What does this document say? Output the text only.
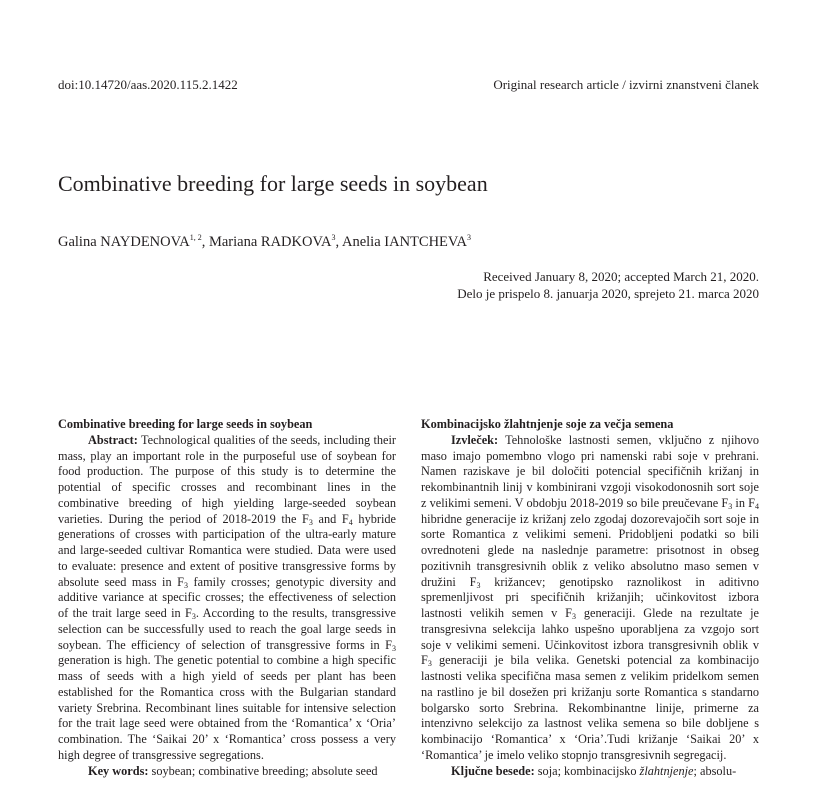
doi:10.14720/aas.2020.115.2.1422	Original research article / izvirni znanstveni članek
Combinative breeding for large seeds in soybean
Galina NAYDENOVA$^{1, 2}$, Mariana RADKOVA$^3$, Anelia IANTCHEVA$^3$
Received January 8, 2020; accepted March 21, 2020.
Delo je prispelo 8. januarja 2020, sprejeto 21. marca 2020

Combinative breeding for large seeds in soybean

Abstract: Technological qualities of the seeds, including their mass, play an important role in the purposeful use of soybean for food production. The purpose of this study is to determine the potential of specific crosses and recombinant lines in the combinative breeding of high yielding large-seeded soybean varieties. During the period of 2018-2019 the $F_3$ and $F_4$ hybride generations of crosses with participation of the ultra-early mature and large-seeded cultivar Romantica were studied. Data were used to evaluate: presence and extent of positive transgressive forms by absolute seed mass in $F_3$ family crosses; genotypic diversity and additive variance at specific crosses; the effectiveness of selection of the trait large seed in $F_3$. According to the results, transgressive selection can be successfully used to reach the goal large seeds in soybean. The efficiency of selection of transgressive forms in $F_3$ generation is high. The genetic potential to combine a high specific mass of seeds with a high yield of seeds per plant has been established for the Romantica cross with the Bulgarian standard variety Srebrina. Recombinant lines suitable for intensive selection for the trait lage seed were obtained from the ‘Romantica’ x ‘Oria’ combination. The ‘Saikai 20’ x ‘Romantica’ cross possess a very high degree of transgressive segregations.

Key words: soybean; combinative breeding; absolute seed

Kombinacijsko žlahtnjenje soje za večja semena

Izvleček: Tehnološke lastnosti semen, vključno z njihovo maso imajo pomembno vlogo pri namenski rabi soje v prehrani. Namen raziskave je bil določiti potencial specifičnih križanj in rekombinantnih linij v kombinirani vzgoji visokodonosnih sort soje z velikimi semeni. V obdobju 2018-2019 so bile preučevane $F_3$ in $F_4$ hibridne generacije iz križanj zelo zgodaj dozorevajočih sort soje in sorte Romantica z velikimi semeni. Pridobljeni podatki so bili ovrednoteni glede na naslednje parametre: prisotnost in obseg pozitivnih transgresivnih oblik z veliko absolutno maso semen v družini $F_3$ križancev; genotipsko raznolikost in aditivno spremenljivost pri specifičnih križanjih; učinkovitost izbora lastnosti velikih semen v $F_3$ generaciji. Glede na rezultate je transgresivna selekcija lahko uspešno uporabljena za vzgojo sort soje v velikimi semeni. Učinkovitost izbora transgresivnih oblik v $F_3$ generaciji je bila velika. Genetski potencial za kombinacijo lastnosti velika specifična masa semen z velikim pridelkom semen na rastlino je bil dosežen pri križanju sorte Romantica s standarno bolgarsko sorto Srebrina. Rekombinantne linije, primerne za intenzivno selekcijo za lastnost velika semena so bile dobljene s kombinacijo ‘Romantica’ x ‘Oria’.Tudi križanje ‘Saikai 20’ x ‘Romantica’ je imelo veliko stopnjo transgresivnih segregacij.

Ključne besede: soja; kombinacijsko žlahtnjenje; absolu-
